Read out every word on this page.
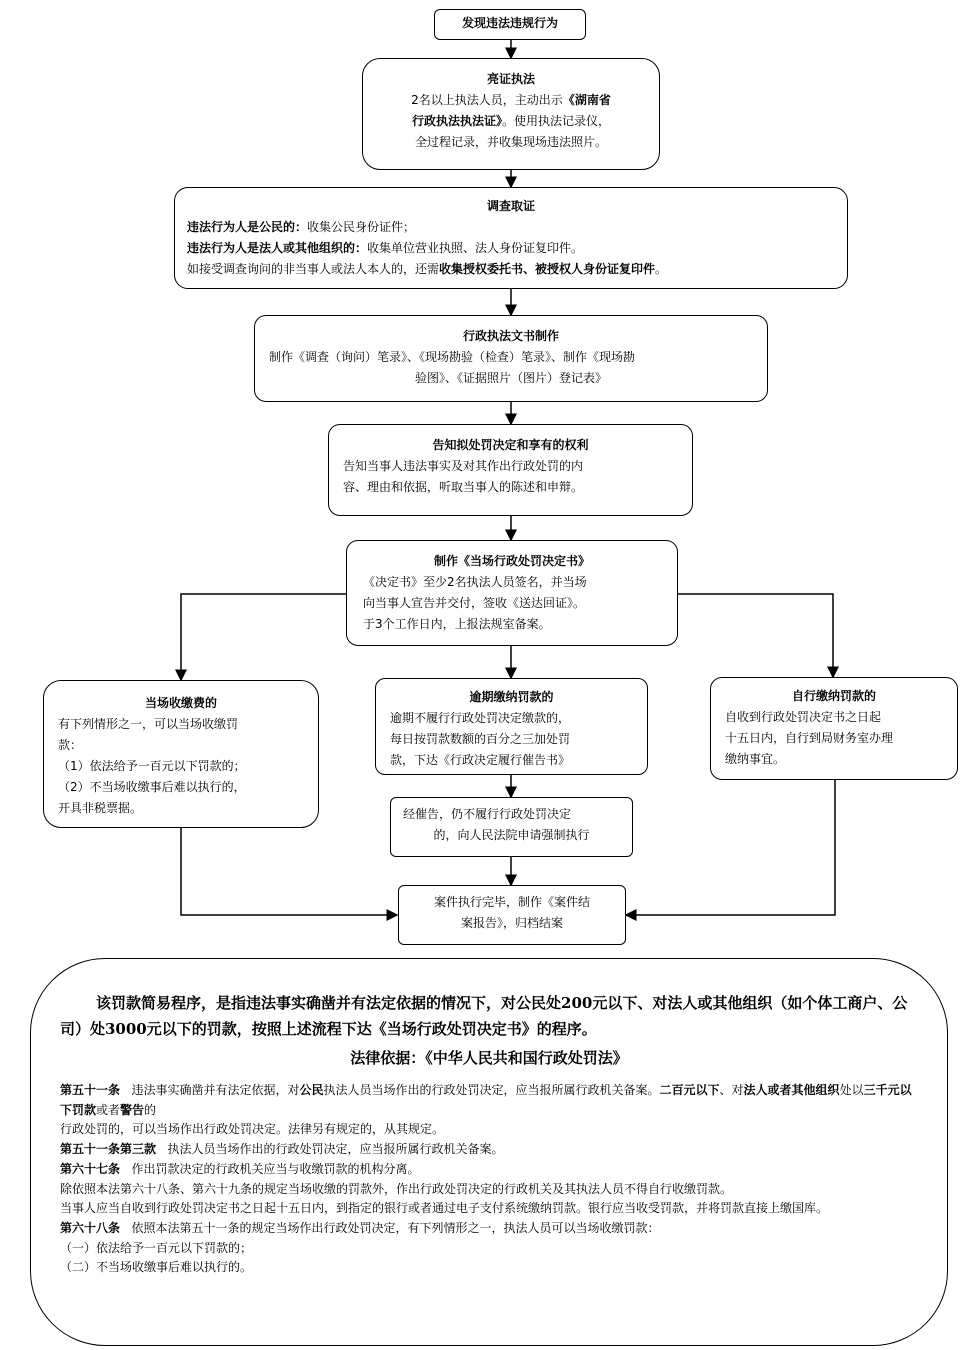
发现违法违规行为
亮证执法
2名以上执法人员，主动出示《湖南省
行政执法执法证》。使用执法记录仪，
全过程记录，并收集现场违法照片。
调查取证
违法行为人是公民的：收集公民身份证件；
违法行为人是法人或其他组织的：收集单位营业执照、法人身份证复印件。
如接受调查询问的非当事人或法人本人的，还需收集授权委托书、被授权人身份证复印件。
行政执法文书制作
制作《调查（询问）笔录》、《现场勘验（检查）笔录》、制作《现场勘
验图》、《证据照片（图片）登记表》
告知拟处罚决定和享有的权利
告知当事人违法事实及对其作出行政处罚的内
容、理由和依据，听取当事人的陈述和申辩。
制作《当场行政处罚决定书》
《决定书》至少2名执法人员签名，并当场
向当事人宣告并交付，签收《送达回证》。
于3个工作日内，上报法规室备案。
当场收缴费的
有下列情形之一，可以当场收缴罚
款：
（1）依法给予一百元以下罚款的；
（2）不当场收缴事后难以执行的，
开具非税票据。
逾期缴纳罚款的
逾期不履行行政处罚决定缴款的，
每日按罚款数额的百分之三加处罚
款，下达《行政决定履行催告书》
自行缴纳罚款的
自收到行政处罚决定书之日起
十五日内，自行到局财务室办理
缴纳事宜。
经催告，仍不履行行政处罚决定
的，向人民法院申请强制执行
案件执行完毕，制作《案件结
案报告》，归档结案
该罚款简易程序，是指违法事实确凿并有法定依据的情况下，对公民处200元以下、对法人或其他组织（如个体工商户、公司）处3000元以下的罚款，按照上述流程下达《当场行政处罚决定书》的程序。
法律依据：《中华人民共和国行政处罚法》

第五十一条 违法事实确凿并有法定依据，对公民执法人员当场作出的行政处罚决定，应当报所属行政机关备案。二百元以下、对法人或者其他组织处以三千元以下罚款或者警告的

行政处罚的，可以当场作出行政处罚决定。法律另有规定的，从其规定。

第五十一条第三款 执法人员当场作出的行政处罚决定，应当报所属行政机关备案。

第六十七条 作出罚款决定的行政机关应当与收缴罚款的机构分离。

除依照本法第六十八条、第六十九条的规定当场收缴的罚款外，作出行政处罚决定的行政机关及其执法人员不得自行收缴罚款。

当事人应当自收到行政处罚决定书之日起十五日内，到指定的银行或者通过电子支付系统缴纳罚款。银行应当收受罚款，并将罚款直接上缴国库。

第六十八条 依照本法第五十一条的规定当场作出行政处罚决定，有下列情形之一，执法人员可以当场收缴罚款：

（一）依法给予一百元以下罚款的；

（二）不当场收缴事后难以执行的。
